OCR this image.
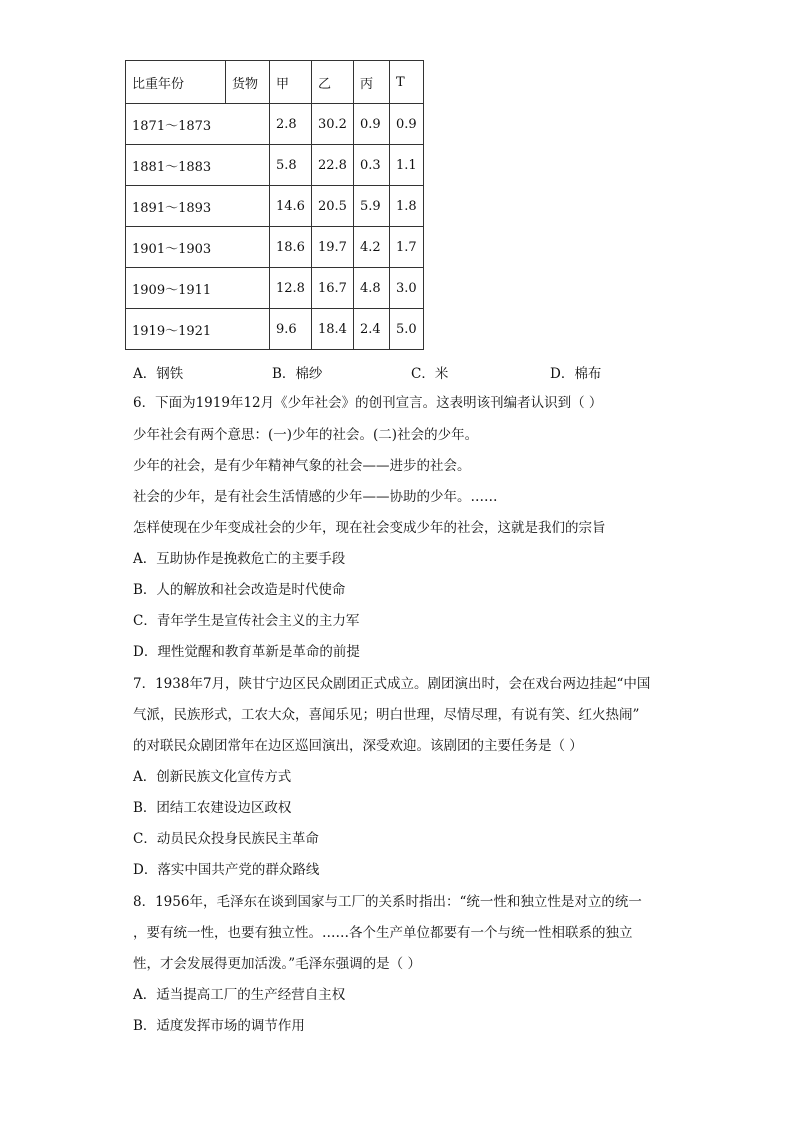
比重年份	货物	甲	乙	丙	T
1871～1873		2.8	30.2	0.9	0.9
1881～1883		5.8	22.8	0.3	1.1
1891～1893		14.6	20.5	5.9	1.8
1901～1903		18.6	19.7	4.2	1.7
1909～1911		12.8	16.7	4.8	3.0
1919～1921		9.6	18.4	2.4	5.0
A．钢铁	B．棉纱	C．米	D．棉布
6．下面为1919年12月《少年社会》的创刊宣言。这表明该刊编者认识到（ ）
少年社会有两个意思：(一)少年的社会。(二)社会的少年。
少年的社会，是有少年精神气象的社会——进步的社会。
社会的少年，是有社会生活情感的少年——协助的少年。……
怎样使现在少年变成社会的少年，现在社会变成少年的社会，这就是我们的宗旨
A．互助协作是挽救危亡的主要手段
B．人的解放和社会改造是时代使命
C．青年学生是宣传社会主义的主力军
D．理性觉醒和教育革新是革命的前提
7．1938年7月，陕甘宁边区民众剧团正式成立。剧团演出时，会在戏台两边挂起“中国
气派，民族形式，工农大众，喜闻乐见；明白世理，尽情尽理，有说有笑、红火热闹”
的对联民众剧团常年在边区巡回演出，深受欢迎。该剧团的主要任务是（ ）
A．创新民族文化宣传方式
B．团结工农建设边区政权
C．动员民众投身民族民主革命
D．落实中国共产党的群众路线
8．1956年，毛泽东在谈到国家与工厂的关系时指出：“统一性和独立性是对立的统一
，要有统一性，也要有独立性。……各个生产单位都要有一个与统一性相联系的独立
性，才会发展得更加活泼。”毛泽东强调的是（ ）
A．适当提高工厂的生产经营自主权
B．适度发挥市场的调节作用
